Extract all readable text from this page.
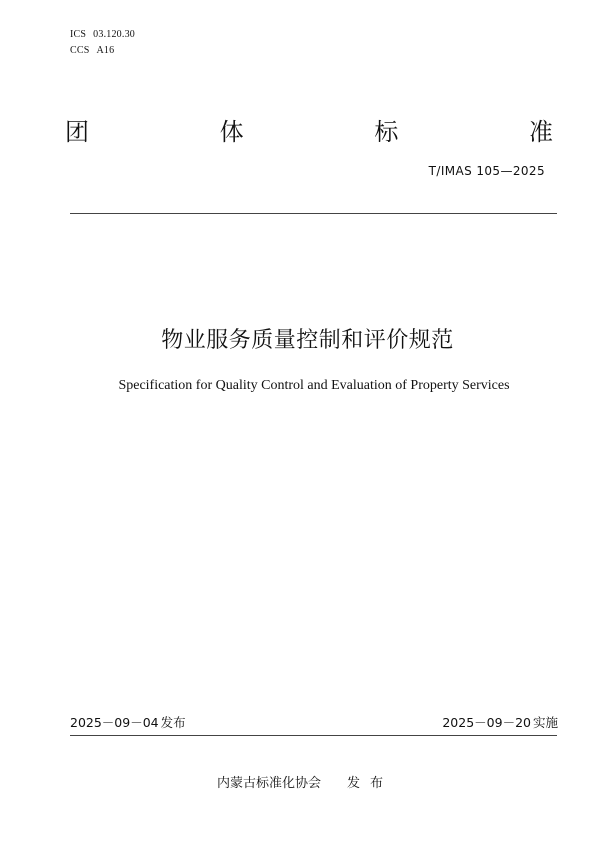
ICS 03.120.30
CCS A16
团	体	标	准
T/IMAS 105—2025
物业服务质量控制和评价规范
Specification for Quality Control and Evaluation of Property Services
2025－09－04 发布	2025－09－20 实施
内蒙古标准化协会 发布
